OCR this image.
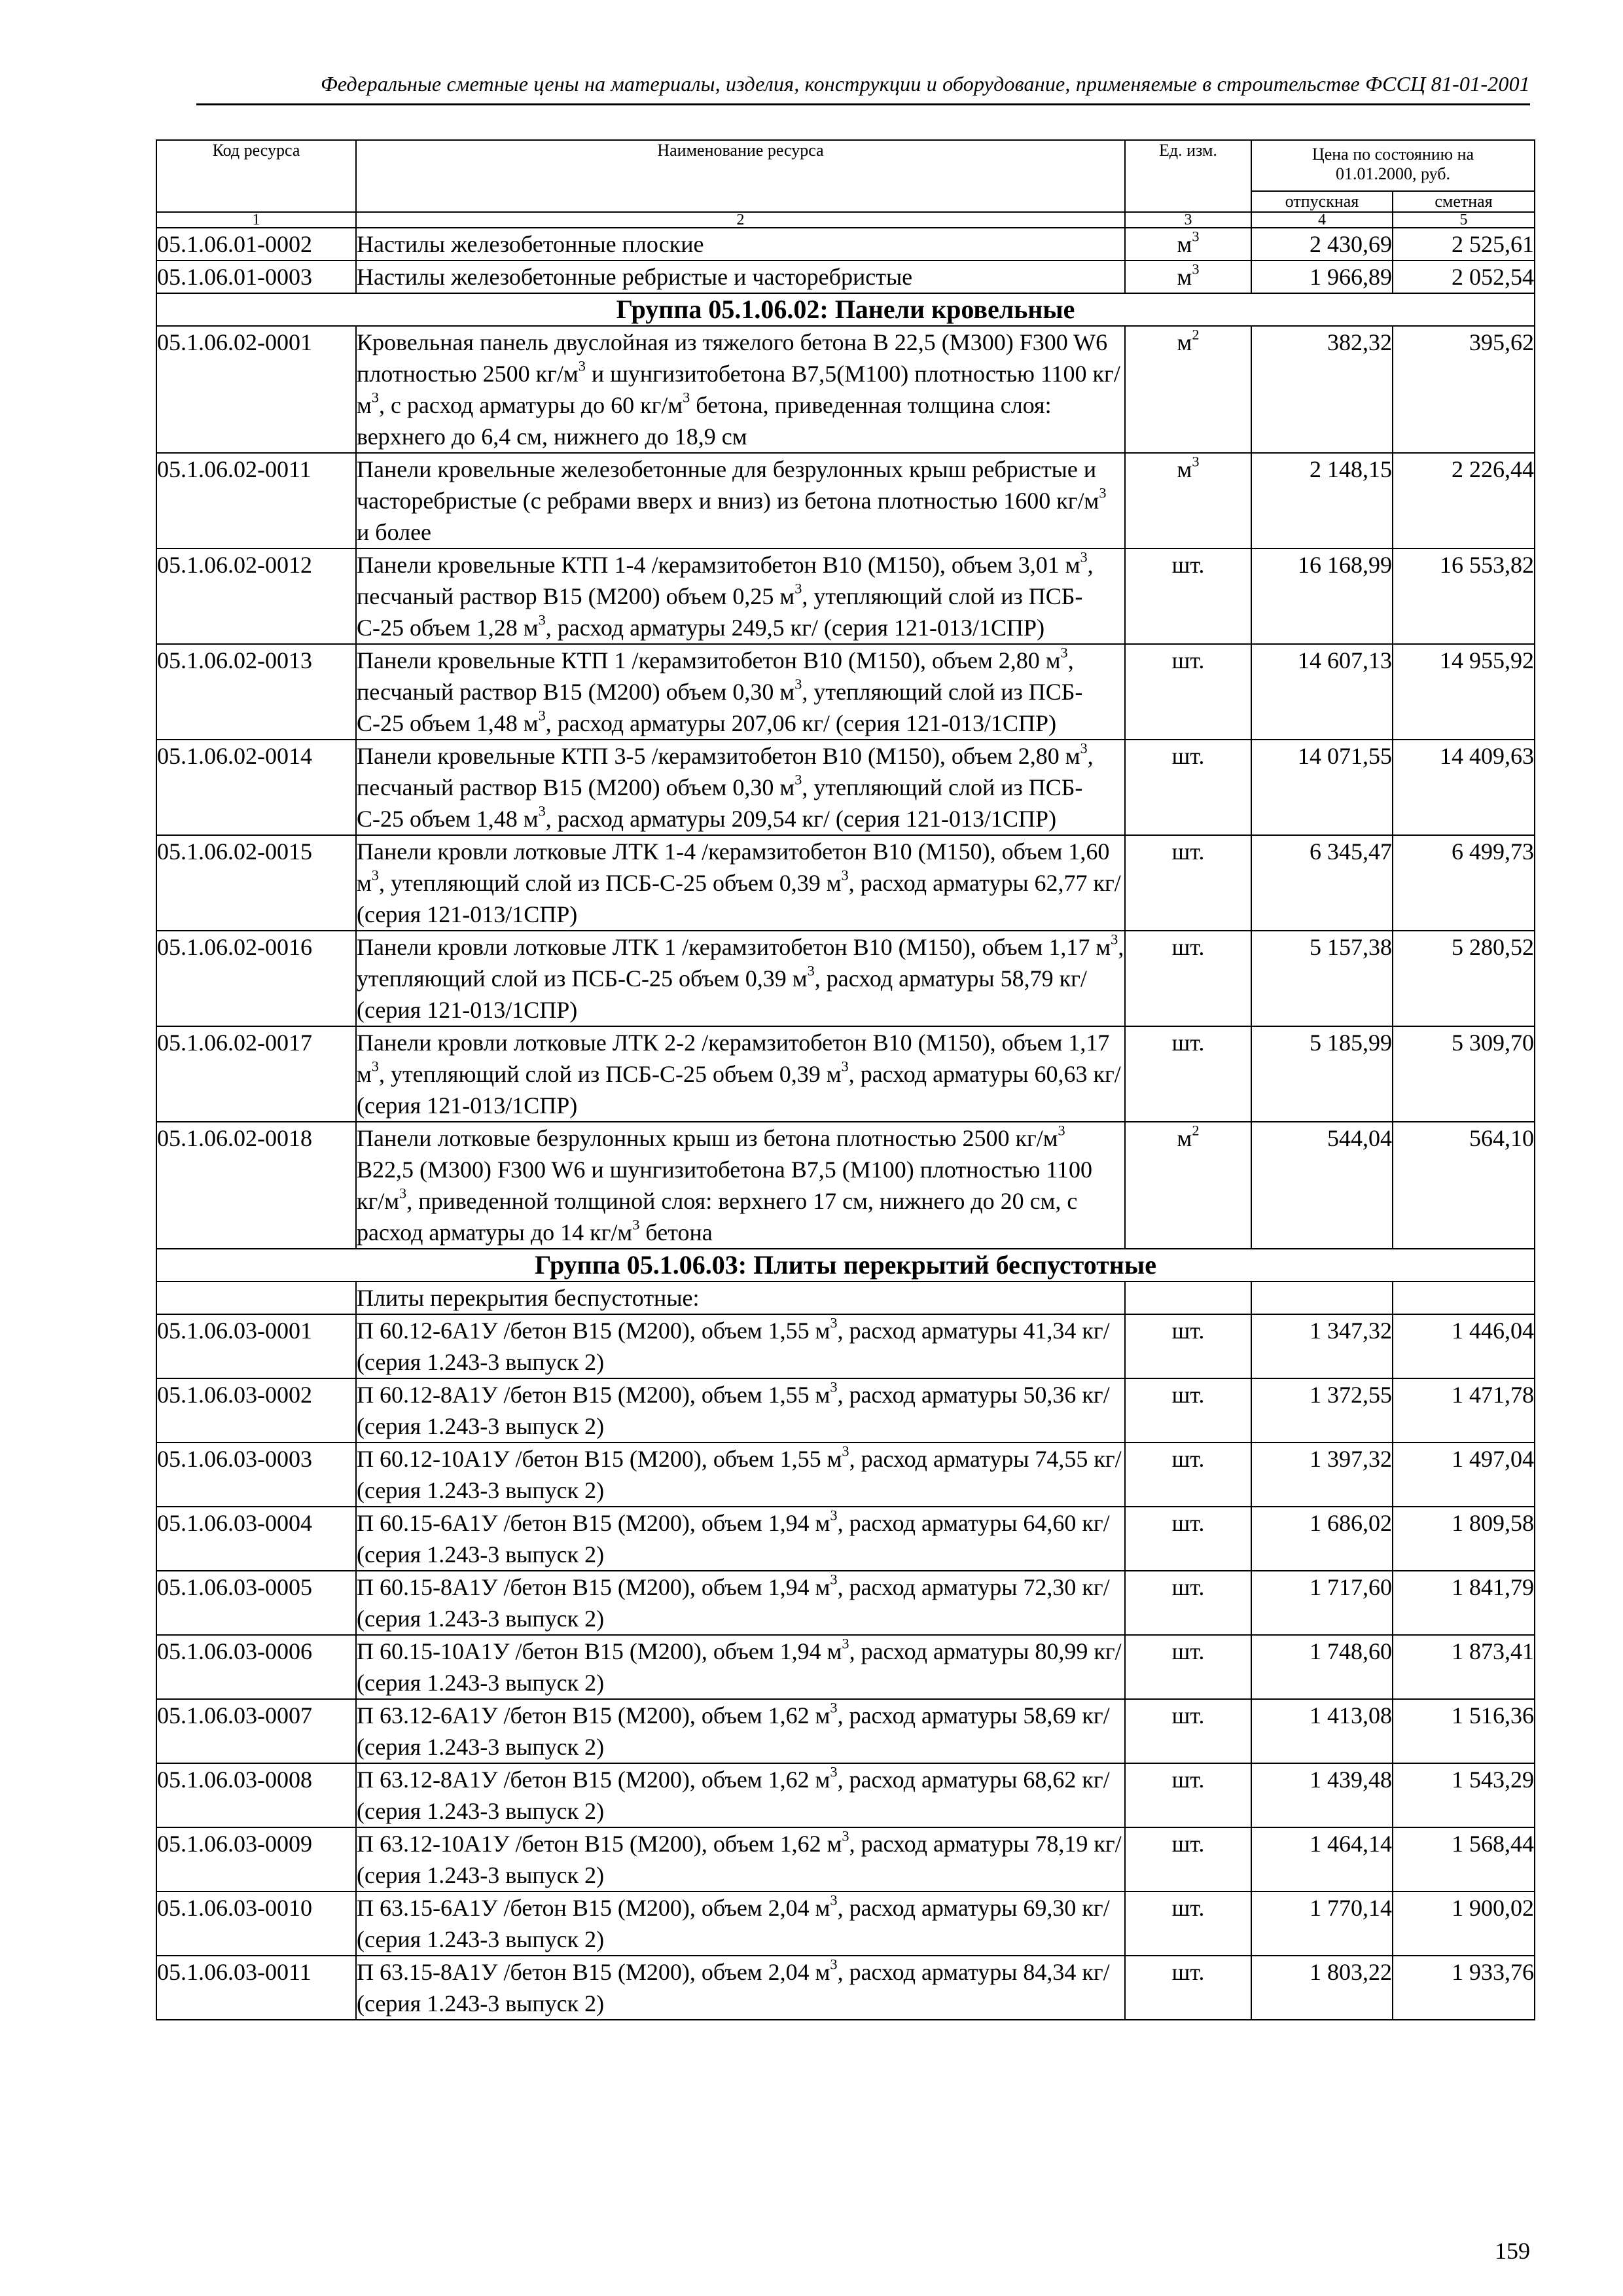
Федеральные сметные цены на материалы, изделия, конструкции и оборудование, применяемые в строительстве ФССЦ 81-01-2001
Код ресурса	Наименование ресурса	Ед. изм.	Цена по состоянию на 01.01.2000, руб.	
			отпускная	сметная
1	2	3	4	5
05.1.06.01-0002	Настилы железобетонные плоские	$м^3$	2 430,69	2 525,61
05.1.06.01-0003	Настилы железобетонные ребристые и часторебристые	$м^3$	1 966,89	2 052,54
Группа 05.1.06.02: Панели кровельные				
05.1.06.02-0001	Кровельная панель двуслойная из тяжелого бетона В 22,5 (М300) F300 W6 плотностью 2500 $кг/м^3$ и шунгизитобетона В7,5(М100) плотностью 1100 $кг/м^3$, с расход арматуры до 60 $кг/м^3$ бетона, приведенная толщина слоя: верхнего до 6,4 см, нижнего до 18,9 см	$м^2$	382,32	395,62
05.1.06.02-0011	Панели кровельные железобетонные для безрулонных крыш ребристые и часторебристые (с ребрами вверх и вниз) из бетона плотностью 1600 $кг/м^3$ и более	$м^3$	2 148,15	2 226,44
05.1.06.02-0012	Панели кровельные КТП 1-4 /керамзитобетон В10 (М150), объем 3,01 $м^3$, песчаный раствор В15 (М200) объем 0,25 $м^3$, утепляющий слой из ПСБ-С-25 объем 1,28 $м^3$, расход арматуры 249,5 кг/ (серия 121-013/1СПР)	шт.	16 168,99	16 553,82
05.1.06.02-0013	Панели кровельные КТП 1 /керамзитобетон В10 (М150), объем 2,80 $м^3$, песчаный раствор В15 (М200) объем 0,30 $м^3$, утепляющий слой из ПСБ-С-25 объем 1,48 $м^3$, расход арматуры 207,06 кг/ (серия 121-013/1СПР)	шт.	14 607,13	14 955,92
05.1.06.02-0014	Панели кровельные КТП 3-5 /керамзитобетон В10 (М150), объем 2,80 $м^3$, песчаный раствор В15 (М200) объем 0,30 $м^3$, утепляющий слой из ПСБ-С-25 объем 1,48 $м^3$, расход арматуры 209,54 кг/ (серия 121-013/1СПР)	шт.	14 071,55	14 409,63
05.1.06.02-0015	Панели кровли лотковые ЛТК 1-4 /керамзитобетон В10 (М150), объем 1,60 $м^3$, утепляющий слой из ПСБ-С-25 объем 0,39 $м^3$, расход арматуры 62,77 кг/ (серия 121-013/1СПР)	шт.	6 345,47	6 499,73
05.1.06.02-0016	Панели кровли лотковые ЛТК 1 /керамзитобетон В10 (М150), объем 1,17 $м^3$, утепляющий слой из ПСБ-С-25 объем 0,39 $м^3$, расход арматуры 58,79 кг/ (серия 121-013/1СПР)	шт.	5 157,38	5 280,52
05.1.06.02-0017	Панели кровли лотковые ЛТК 2-2 /керамзитобетон В10 (М150), объем 1,17 $м^3$, утепляющий слой из ПСБ-С-25 объем 0,39 $м^3$, расход арматуры 60,63 кг/ (серия 121-013/1СПР)	шт.	5 185,99	5 309,70
05.1.06.02-0018	Панели лотковые безрулонных крыш из бетона плотностью 2500 $кг/м^3$ В22,5 (М300) F300 W6 и шунгизитобетона В7,5 (М100) плотностью 1100 $кг/м^3$, приведенной толщиной слоя: верхнего 17 см, нижнего до 20 см, с расход арматуры до 14 $кг/м^3$ бетона	$м^2$	544,04	564,10
Группа 05.1.06.03: Плиты перекрытий беспустотные				
	Плиты перекрытия беспустотные:			
05.1.06.03-0001	П 60.12-6А1У /бетон В15 (М200), объем 1,55 $м^3$, расход арматуры 41,34 кг/ (серия 1.243-3 выпуск 2)	шт.	1 347,32	1 446,04
05.1.06.03-0002	П 60.12-8А1У /бетон В15 (М200), объем 1,55 $м^3$, расход арматуры 50,36 кг/ (серия 1.243-3 выпуск 2)	шт.	1 372,55	1 471,78
05.1.06.03-0003	П 60.12-10А1У /бетон В15 (М200), объем 1,55 $м^3$, расход арматуры 74,55 кг/ (серия 1.243-3 выпуск 2)	шт.	1 397,32	1 497,04
05.1.06.03-0004	П 60.15-6А1У /бетон В15 (М200), объем 1,94 $м^3$, расход арматуры 64,60 кг/ (серия 1.243-3 выпуск 2)	шт.	1 686,02	1 809,58
05.1.06.03-0005	П 60.15-8А1У /бетон В15 (М200), объем 1,94 $м^3$, расход арматуры 72,30 кг/ (серия 1.243-3 выпуск 2)	шт.	1 717,60	1 841,79
05.1.06.03-0006	П 60.15-10А1У /бетон В15 (М200), объем 1,94 $м^3$, расход арматуры 80,99 кг/ (серия 1.243-3 выпуск 2)	шт.	1 748,60	1 873,41
05.1.06.03-0007	П 63.12-6А1У /бетон В15 (М200), объем 1,62 $м^3$, расход арматуры 58,69 кг/ (серия 1.243-3 выпуск 2)	шт.	1 413,08	1 516,36
05.1.06.03-0008	П 63.12-8А1У /бетон В15 (М200), объем 1,62 $м^3$, расход арматуры 68,62 кг/ (серия 1.243-3 выпуск 2)	шт.	1 439,48	1 543,29
05.1.06.03-0009	П 63.12-10А1У /бетон В15 (М200), объем 1,62 $м^3$, расход арматуры 78,19 кг/ (серия 1.243-3 выпуск 2)	шт.	1 464,14	1 568,44
05.1.06.03-0010	П 63.15-6А1У /бетон В15 (М200), объем 2,04 $м^3$, расход арматуры 69,30 кг/ (серия 1.243-3 выпуск 2)	шт.	1 770,14	1 900,02
05.1.06.03-0011	П 63.15-8А1У /бетон В15 (М200), объем 2,04 $м^3$, расход арматуры 84,34 кг/ (серия 1.243-3 выпуск 2)	шт.	1 803,22	1 933,76
159
